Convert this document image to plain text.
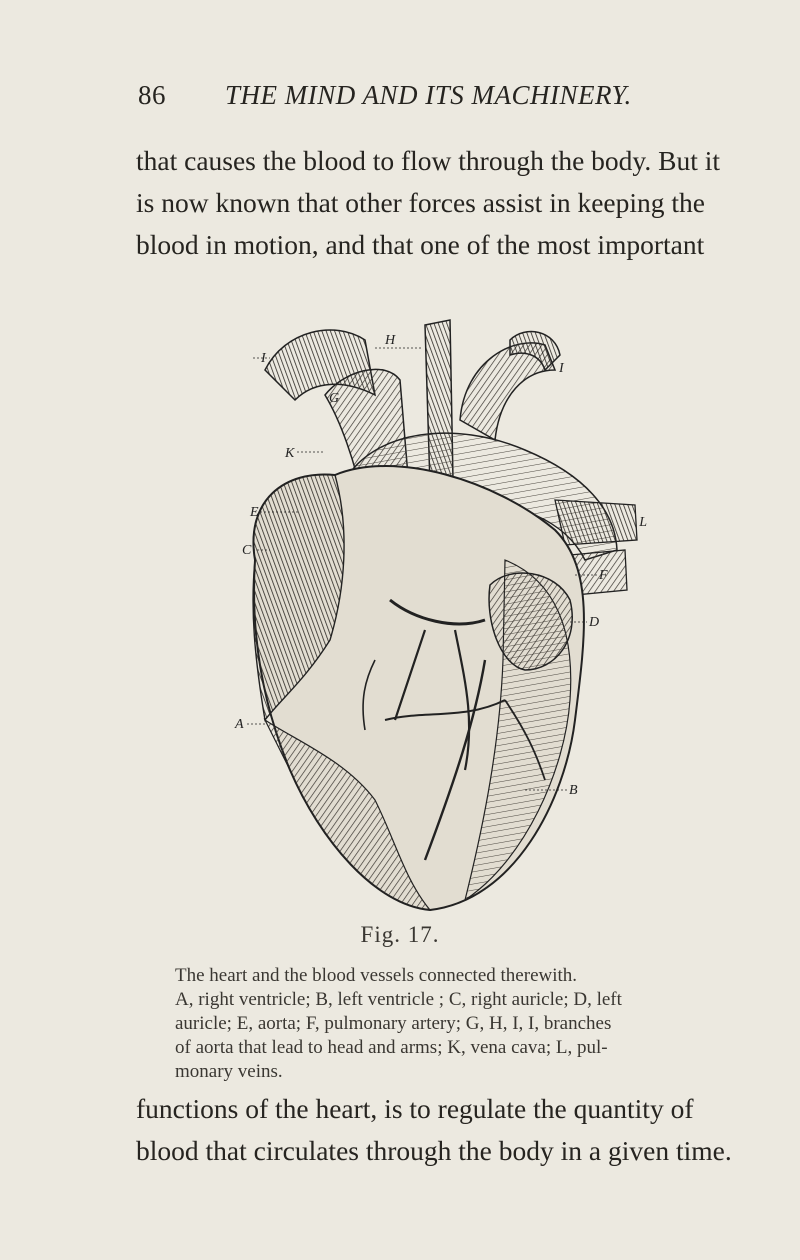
86 THE MIND AND ITS MACHINERY.
that causes the blood to flow through the body. But it
is now known that other forces assist in keeping the
blood in motion, and that one of the most important
I
H
I
G
K
E
L
C
F
D
A
B
Fig. 17.
The heart and the blood vessels connected therewith.
A, right ventricle; B, left ventricle ; C, right auricle; D, left
auricle; E, aorta; F, pulmonary artery; G, H, I, I, branches
of aorta that lead to head and arms; K, vena cava; L, pul-
monary veins.
functions of the heart, is to regulate the quantity of
blood that circulates through the body in a given time.
